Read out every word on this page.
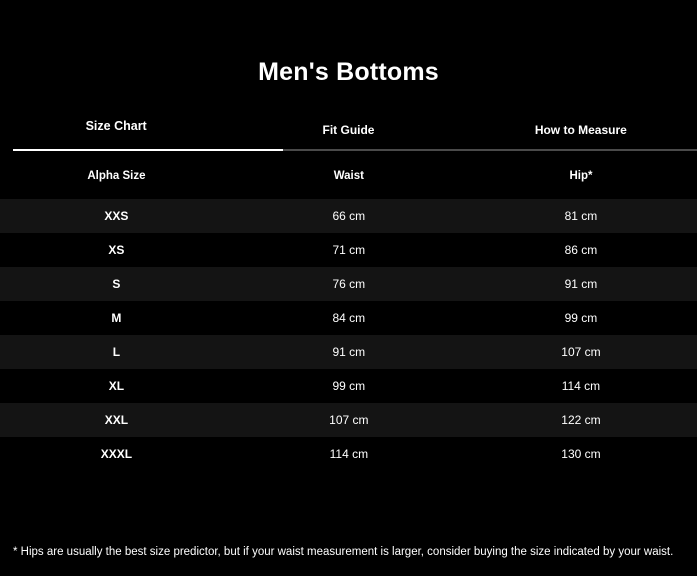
Men's Bottoms
Size Chart	Fit Guide	How to Measure
Alpha Size	Waist	Hip*
XXS	66 cm	81 cm
XS	71 cm	86 cm
S	76 cm	91 cm
M	84 cm	99 cm
L	91 cm	107 cm
XL	99 cm	114 cm
XXL	107 cm	122 cm
XXXL	114 cm	130 cm
* Hips are usually the best size predictor, but if your waist measurement is larger, consider buying the size indicated by your waist.
